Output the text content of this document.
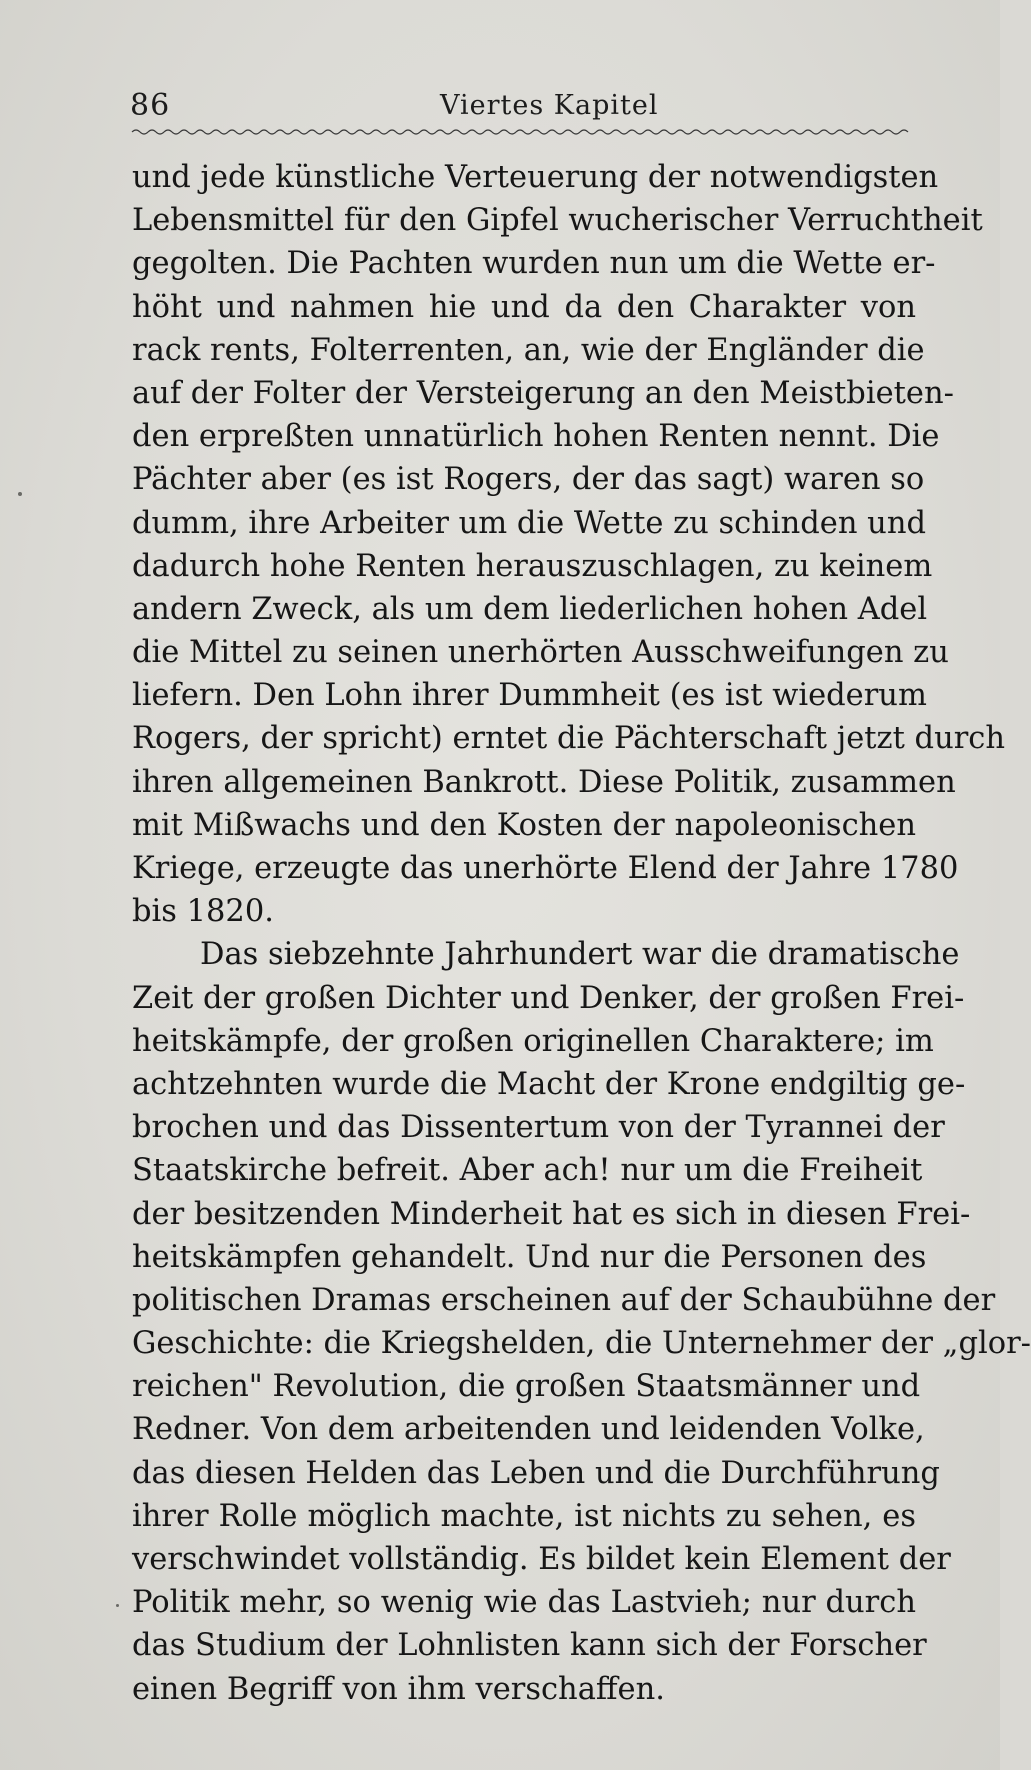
86	Viertes Kapitel
und jede künstliche Verteuerung der notwendigsten
Lebensmittel für den Gipfel wucherischer Verruchtheit
gegolten. Die Pachten wurden nun um die Wette er-
höht und nahmen hie und da den Charakter von
rack rents, Folterrenten, an, wie der Engländer die
auf der Folter der Versteigerung an den Meistbieten-
den erpreßten unnatürlich hohen Renten nennt. Die
Pächter aber (es ist Rogers, der das sagt) waren so
dumm, ihre Arbeiter um die Wette zu schinden und
dadurch hohe Renten herauszuschlagen, zu keinem
andern Zweck, als um dem liederlichen hohen Adel
die Mittel zu seinen unerhörten Ausschweifungen zu
liefern. Den Lohn ihrer Dummheit (es ist wiederum
Rogers, der spricht) erntet die Pächterschaft jetzt durch
ihren allgemeinen Bankrott. Diese Politik, zusammen
mit Mißwachs und den Kosten der napoleonischen
Kriege, erzeugte das unerhörte Elend der Jahre 1780
bis 1820.
Das siebzehnte Jahrhundert war die dramatische
Zeit der großen Dichter und Denker, der großen Frei-
heitskämpfe, der großen originellen Charaktere; im
achtzehnten wurde die Macht der Krone endgiltig ge-
brochen und das Dissentertum von der Tyrannei der
Staatskirche befreit. Aber ach! nur um die Freiheit
der besitzenden Minderheit hat es sich in diesen Frei-
heitskämpfen gehandelt. Und nur die Personen des
politischen Dramas erscheinen auf der Schaubühne der
Geschichte: die Kriegshelden, die Unternehmer der „glor-
reichen" Revolution, die großen Staatsmänner und
Redner. Von dem arbeitenden und leidenden Volke,
das diesen Helden das Leben und die Durchführung
ihrer Rolle möglich machte, ist nichts zu sehen, es
verschwindet vollständig. Es bildet kein Element der
Politik mehr, so wenig wie das Lastvieh; nur durch
das Studium der Lohnlisten kann sich der Forscher
einen Begriff von ihm verschaffen.
